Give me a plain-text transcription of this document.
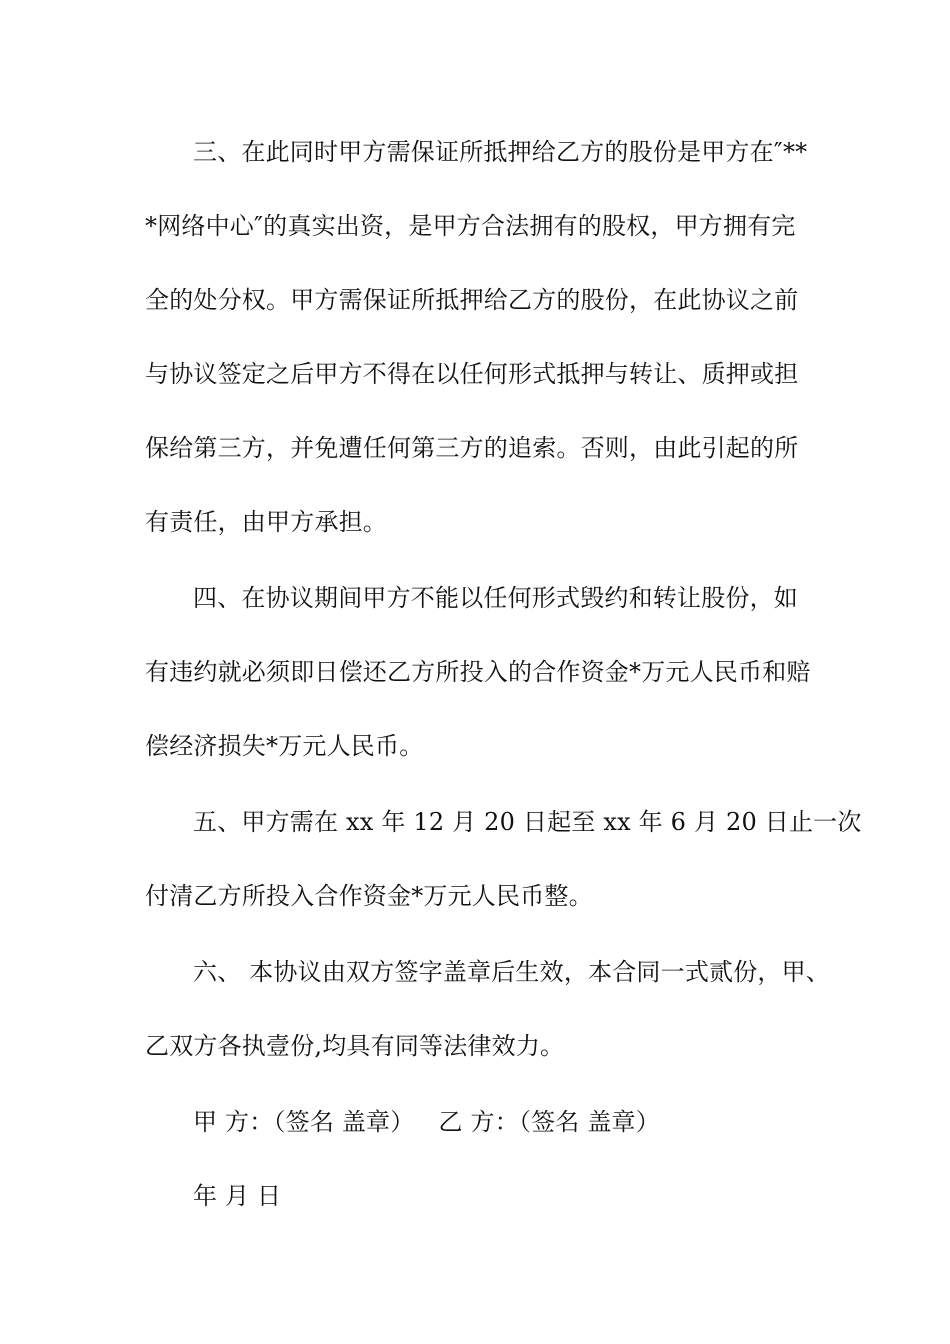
三、在此同时甲方需保证所抵押给乙方的股份是甲方在″**
*网络中心″的真实出资，是甲方合法拥有的股权，甲方拥有完
全的处分权。甲方需保证所抵押给乙方的股份，在此协议之前
与协议签定之后甲方不得在以任何形式抵押与转让、质押或担
保给第三方，并免遭任何第三方的追索。否则，由此引起的所
有责任，由甲方承担。
四、在协议期间甲方不能以任何形式毁约和转让股份，如
有违约就必须即日偿还乙方所投入的合作资金*万元人民币和赔
偿经济损失*万元人民币。
五、甲方需在 xx 年 12 月 20 日起至 xx 年 6 月 20 日止一次
付清乙方所投入合作资金*万元人民币整。
六、 本协议由双方签字盖章后生效，本合同一式贰份，甲、
乙双方各执壹份,均具有同等法律效力。
甲 方：（签名 盖章） 乙 方：（签名 盖章）
年 月 日
